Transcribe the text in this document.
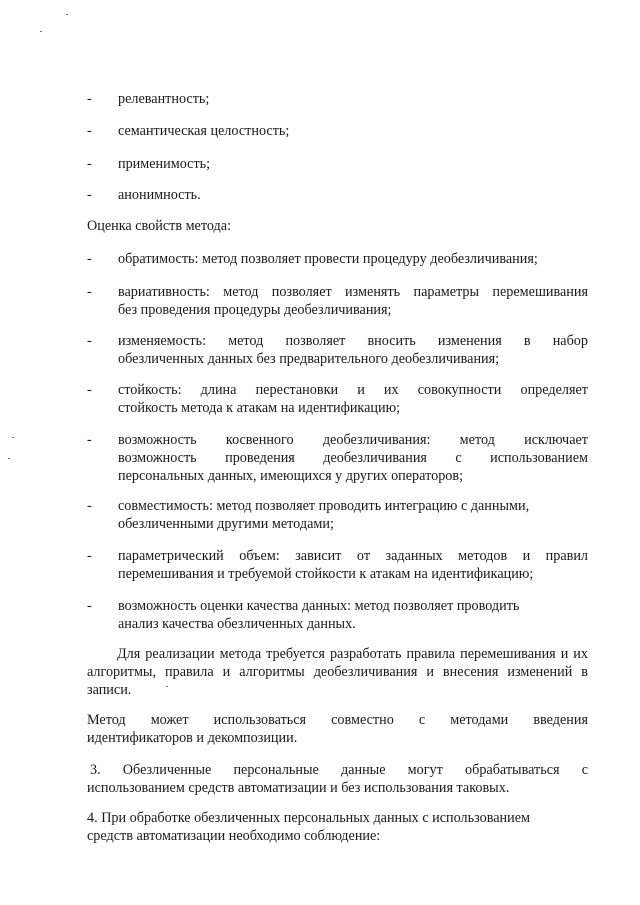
-	релевантность;
-	семантическая целостность;
-	применимость;
-	анонимность.
Оценка свойств метода:
-	обратимость: метод позволяет провести процедуру деобезличивания;
-	вариативность: метод позволяет изменять параметры перемешивания
без проведения процедуры деобезличивания;
-	изменяемость: метод позволяет вносить изменения в набор
обезличенных данных без предварительного деобезличивания;
-	стойкость: длина перестановки и их совокупности определяет
стойкость метода к атакам на идентификацию;
-	возможность косвенного деобезличивания: метод исключает
возможность проведения деобезличивания с использованием
персональных данных, имеющихся у других операторов;
-	совместимость: метод позволяет проводить интеграцию с данными,
обезличенными другими методами;
-	параметрический объем: зависит от заданных методов и правил
перемешивания и требуемой стойкости к атакам на идентификацию;
-	возможность оценки качества данных: метод позволяет проводить
анализ качества обезличенных данных.
Для реализации метода требуется разработать правила перемешивания и их
алгоритмы, правила и алгоритмы деобезличивания и внесения изменений в
записи.
Метод может использоваться совместно с методами введения
идентификаторов и декомпозиции.
3. Обезличенные персональные данные могут обрабатываться с
использованием средств автоматизации и без использования таковых.
4. При обработке обезличенных персональных данных с использованием
средств автоматизации необходимо соблюдение:
